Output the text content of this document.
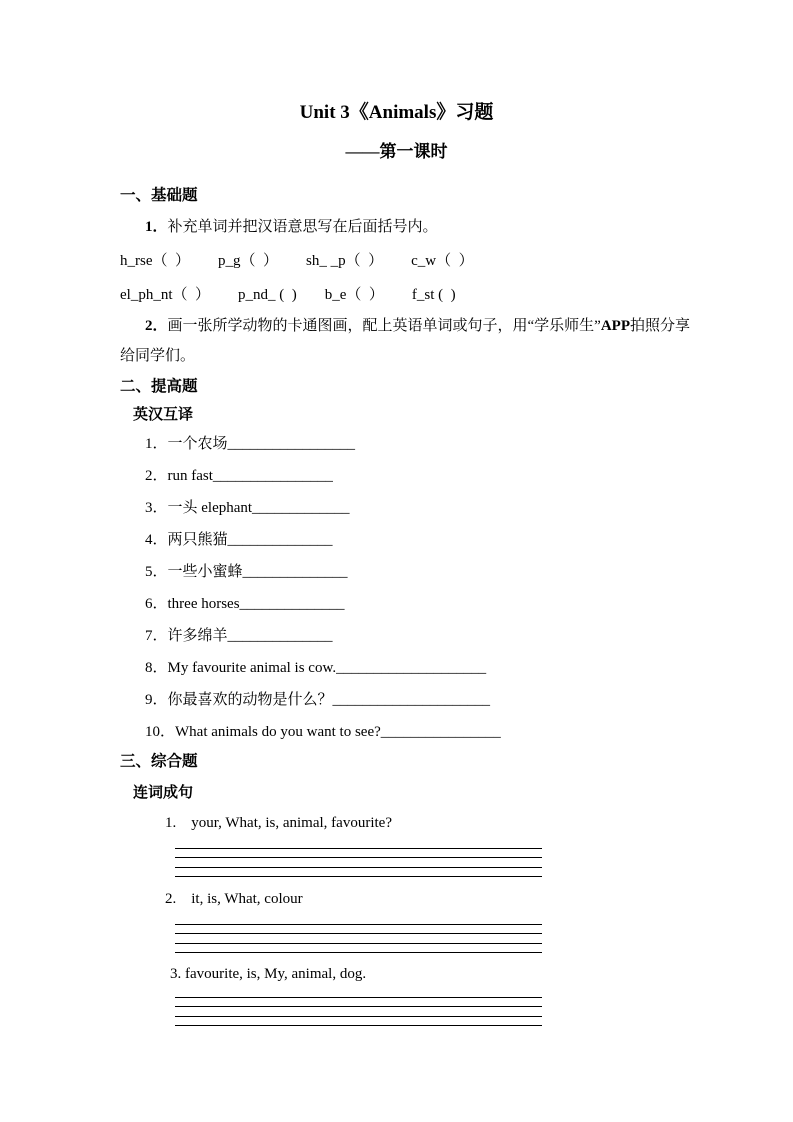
Unit 3《Animals》习题
——第一课时
一、基础题
1．补充单词并把汉语意思写在后面括号内。
h_rse（  ） p_g（  ） sh_ _p（  ） c_w（  ）
el_ph_nt（  ） p_nd_ (  ) b_e（  ） f_st (  )
2．画一张所学动物的卡通图画，配上英语单词或句子，用“学乐师生”APP拍照分享
给同学们。
二、提高题
英汉互译
1．一个农场_________________
2．run fast________________
3．一头 elephant_____________
4．两只熊猫______________
5．一些小蜜蜂______________
6．three horses______________
7．许多绵羊______________
8．My favourite animal is cow.____________________
9．你最喜欢的动物是什么？_____________________
10．What animals do you want to see?________________
三、综合题
连词成句
1.    your, What, is, animal, favourite?
2.    it, is, What, colour
3. favourite, is, My, animal, dog.
